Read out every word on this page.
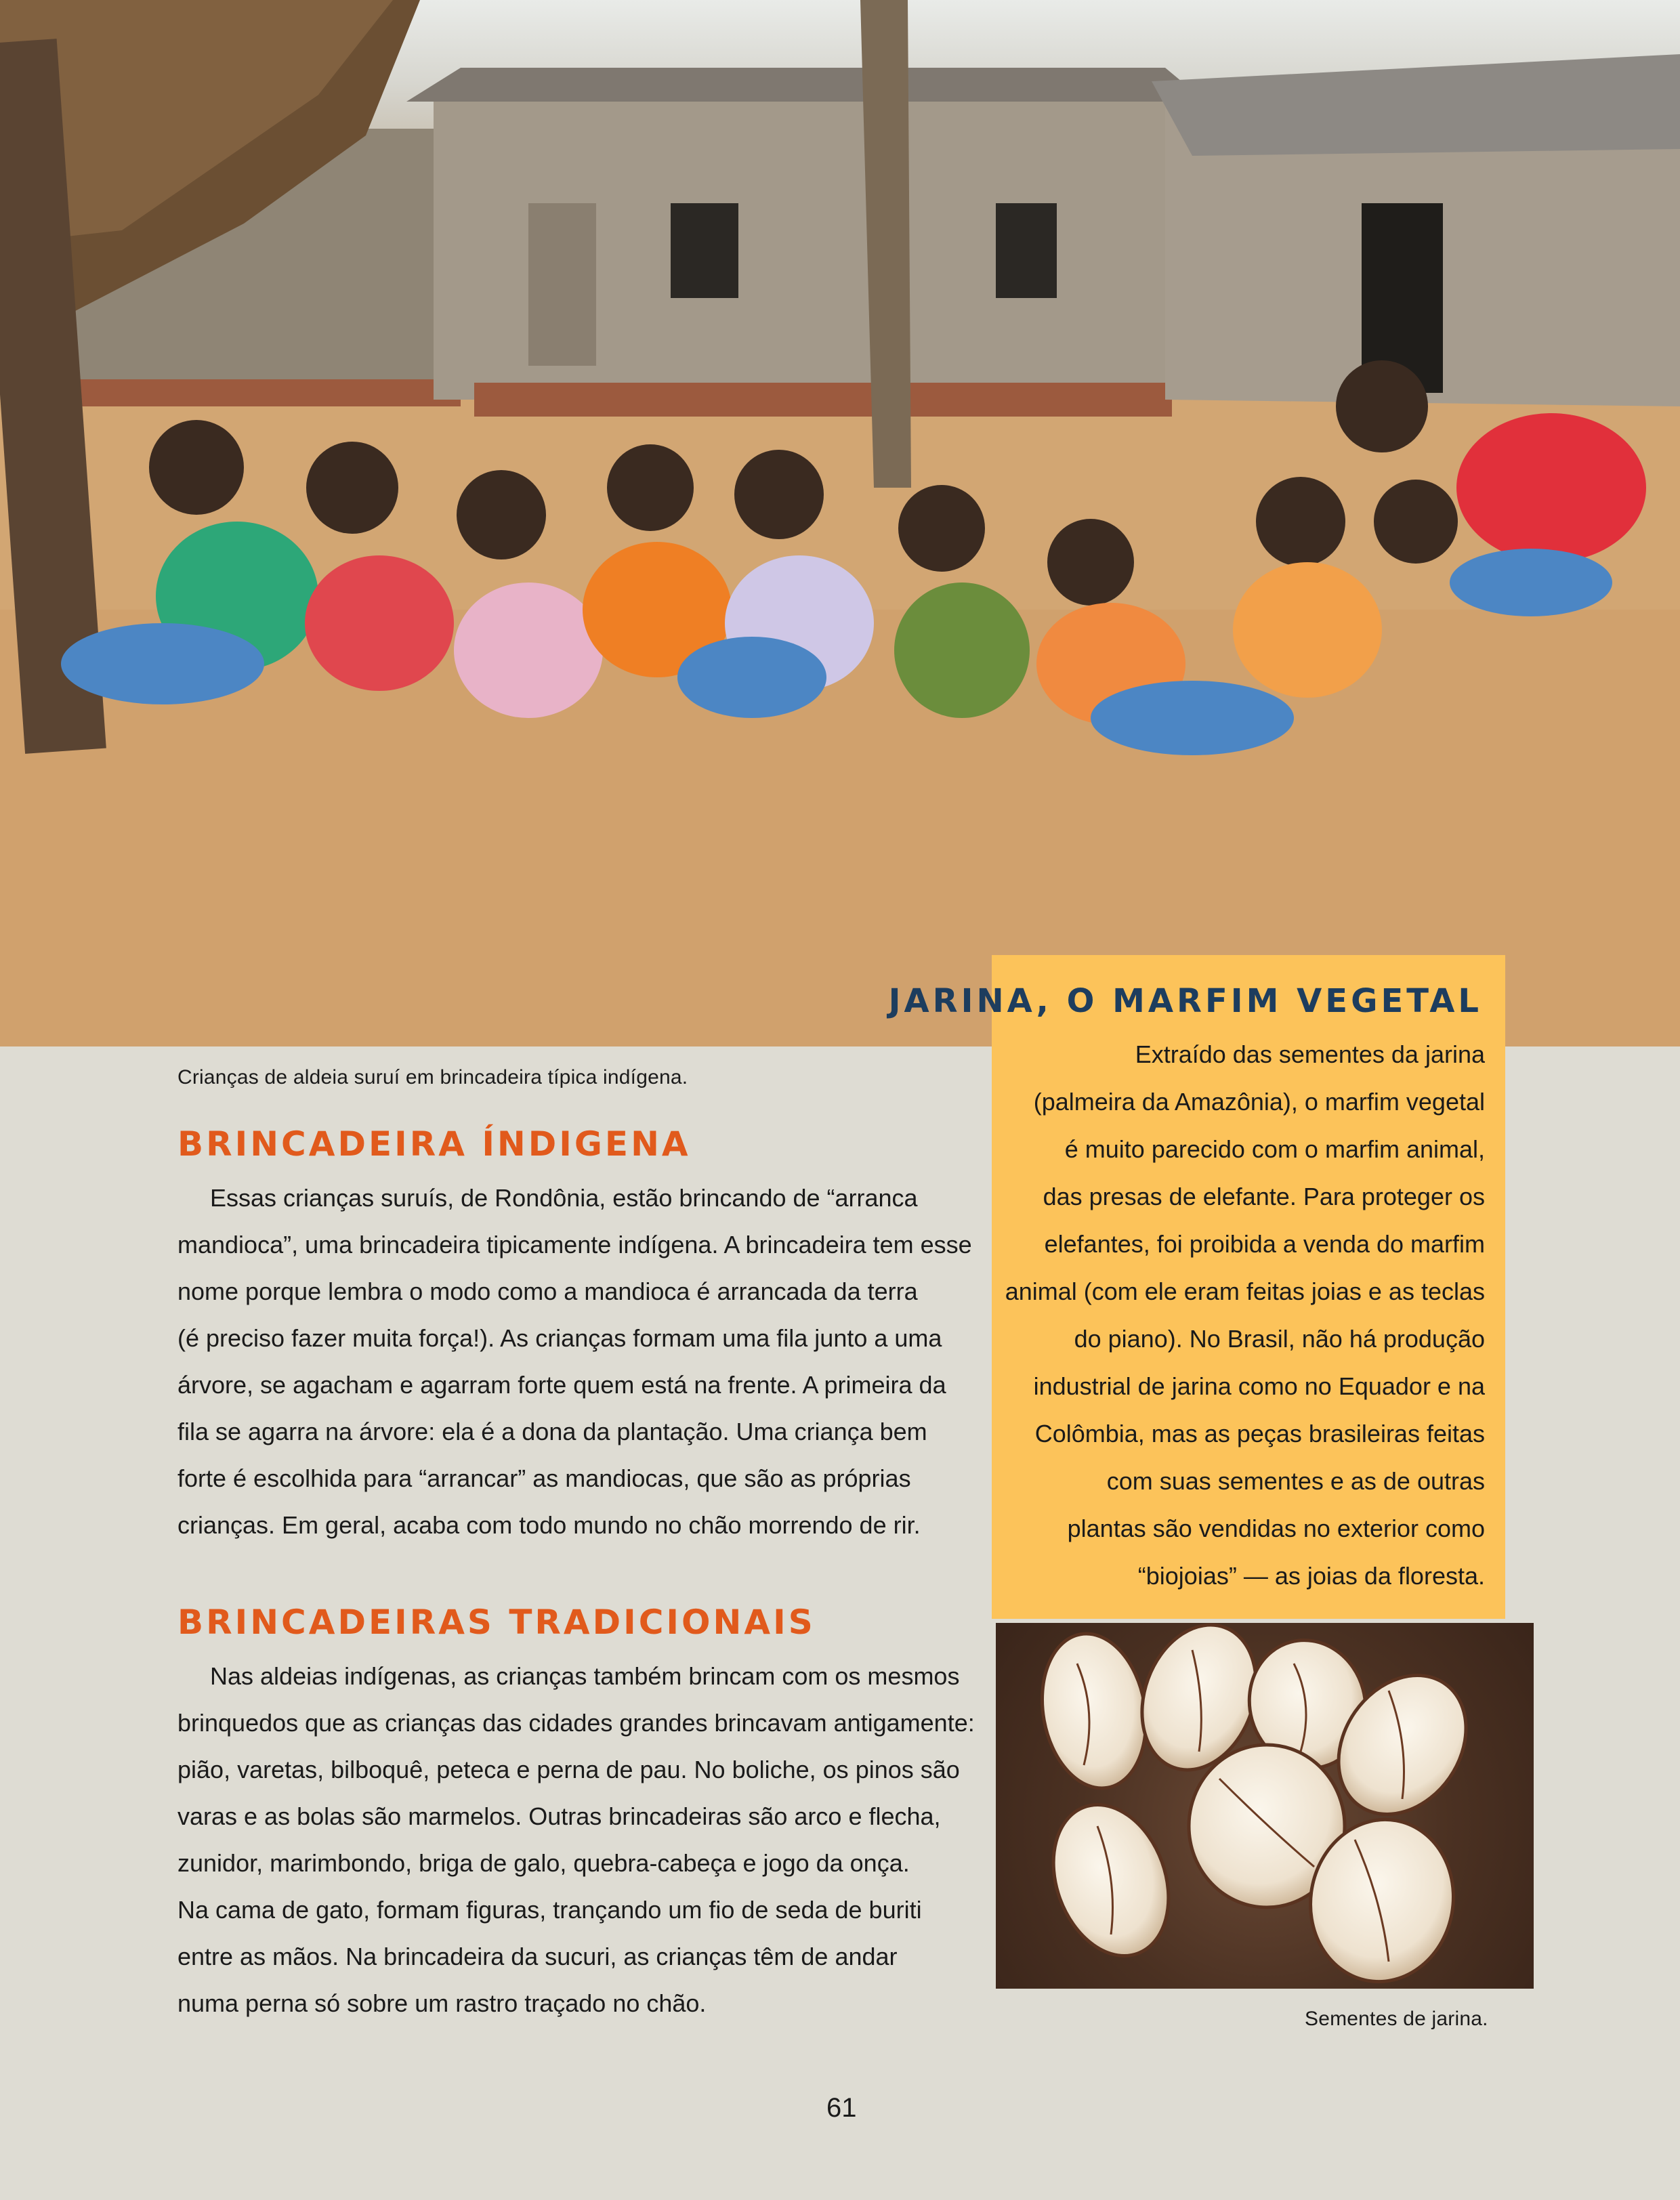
Crianças de aldeia suruí em brincadeira típica indígena.
BRINCADEIRA ÍNDIGENA

Essas crianças suruís, de Rondônia, estão brincando de “arranca
mandioca”, uma brincadeira tipicamente indígena. A brincadeira tem esse
nome porque lembra o modo como a mandioca é arrancada da terra
(é preciso fazer muita força!). As crianças formam uma fila junto a uma
árvore, se agacham e agarram forte quem está na frente. A primeira da
fila se agarra na árvore: ela é a dona da plantação. Uma criança bem
forte é escolhida para “arrancar” as mandiocas, que são as próprias
crianças. Em geral, acaba com todo mundo no chão morrendo de rir.

BRINCADEIRAS TRADICIONAIS

Nas aldeias indígenas, as crianças também brincam com os mesmos
brinquedos que as crianças das cidades grandes brincavam antigamente:
pião, varetas, bilboquê, peteca e perna de pau. No boliche, os pinos são
varas e as bolas são marmelos. Outras brincadeiras são arco e flecha,
zunidor, marimbondo, briga de galo, quebra-cabeça e jogo da onça.
Na cama de gato, formam figuras, trançando um fio de seda de buriti
entre as mãos. Na brincadeira da sucuri, as crianças têm de andar
numa perna só sobre um rastro traçado no chão.

JARINA, O MARFIM VEGETAL
Extraído das sementes da jarina
(palmeira da Amazônia), o marfim vegetal
é muito parecido com o marfim animal,
das presas de elefante. Para proteger os
elefantes, foi proibida a venda do marfim
animal (com ele eram feitas joias e as teclas
do piano). No Brasil, não há produção
industrial de jarina como no Equador e na
Colômbia, mas as peças brasileiras feitas
com suas sementes e as de outras
plantas são vendidas no exterior como
“biojoias” — as joias da floresta.
Sementes de jarina.
61
